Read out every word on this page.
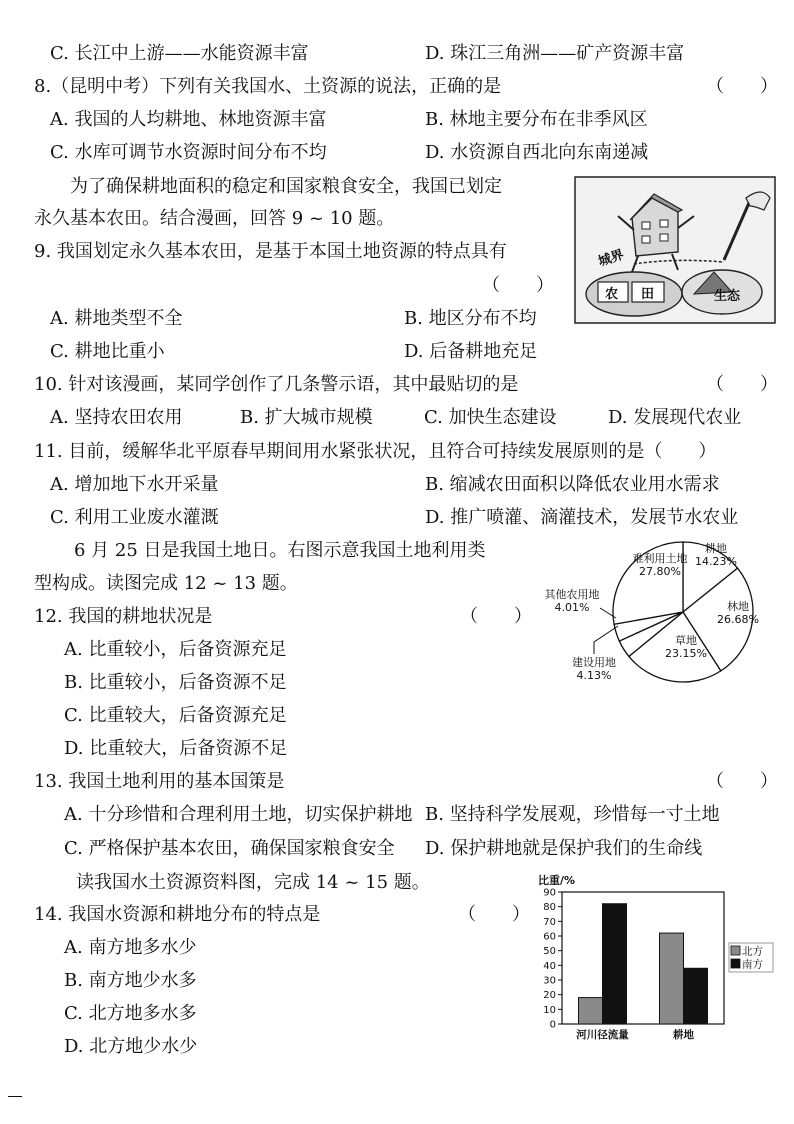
C. 长江中上游——水能资源丰富	D. 珠江三角洲——矿产资源丰富
8.（昆明中考）下列有关我国水、土资源的说法，正确的是	（　　）
A. 我国的人均耕地、林地资源丰富	B. 林地主要分布在非季风区
C. 水库可调节水资源时间分布不均	D. 水资源自西北向东南递减
为了确保耕地面积的稳定和国家粮食安全，我国已划定
永久基本农田。结合漫画，回答 9 ~ 10 题。
城界
农 田	生态
9. 我国划定永久基本农田，是基于本国土地资源的特点具有
（　　）
A. 耕地类型不全	B. 地区分布不均
C. 耕地比重小	D. 后备耕地充足
10. 针对该漫画，某同学创作了几条警示语，其中最贴切的是	（　　）
A. 坚持农田农用	B. 扩大城市规模	C. 加快生态建设	D. 发展现代农业
11. 目前，缓解华北平原春早期间用水紧张状况，且符合可持续发展原则的是（　　）
A. 增加地下水开采量	B. 缩减农田面积以降低农业用水需求
C. 利用工业废水灌溉	D. 推广喷灌、滴灌技术，发展节水农业
6 月 25 日是我国土地日。右图示意我国土地利用类
型构成。读图完成 12 ~ 13 题。
耕地
14.23%
林地
26.68%
草地
23.15%
建设用地
4.13%
其他农用地
4.01%
难利用土地
27.80%
12. 我国的耕地状况是	（　　）
A. 比重较小，后备资源充足
B. 比重较小，后备资源不足
C. 比重较大，后备资源充足
D. 比重较大，后备资源不足
13. 我国土地利用的基本国策是	（　　）
A. 十分珍惜和合理利用土地，切实保护耕地 B. 坚持科学发展观，珍惜每一寸土地
C. 严格保护基本农田，确保国家粮食安全 D. 保护耕地就是保护我们的生命线
读我国水土资源资料图，完成 14 ~ 15 题。	比重/%
0
10
20
30
40
50
60
70
80
90
河川径流量	耕地
北方
南方
14. 我国水资源和耕地分布的特点是	（　　）
A. 南方地多水少
B. 南方地少水多
C. 北方地多水多
D. 北方地少水少
